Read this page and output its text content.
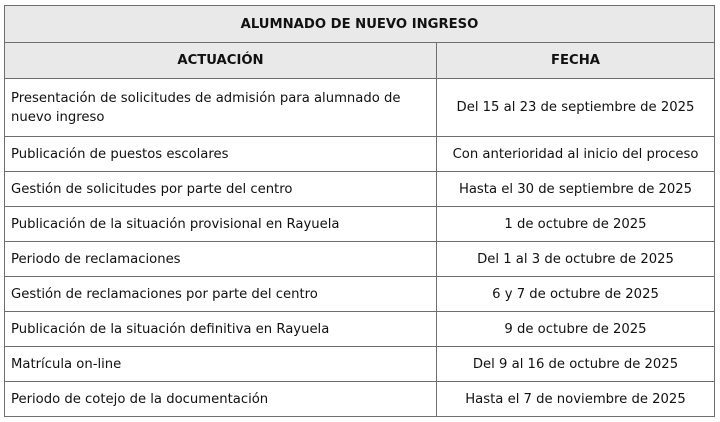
ALUMNADO DE NUEVO INGRESO	
ACTUACIÓN	FECHA
Presentación de solicitudes de admisión para alumnado de nuevo ingreso	Del 15 al 23 de septiembre de 2025
Publicación de puestos escolares	Con anterioridad al inicio del proceso
Gestión de solicitudes por parte del centro	Hasta el 30 de septiembre de 2025
Publicación de la situación provisional en Rayuela	1 de octubre de 2025
Periodo de reclamaciones	Del 1 al 3 de octubre de 2025
Gestión de reclamaciones por parte del centro	6 y 7 de octubre de 2025
Publicación de la situación definitiva en Rayuela	9 de octubre de 2025
Matrícula on-line	Del 9 al 16 de octubre de 2025
Periodo de cotejo de la documentación	Hasta el 7 de noviembre de 2025
